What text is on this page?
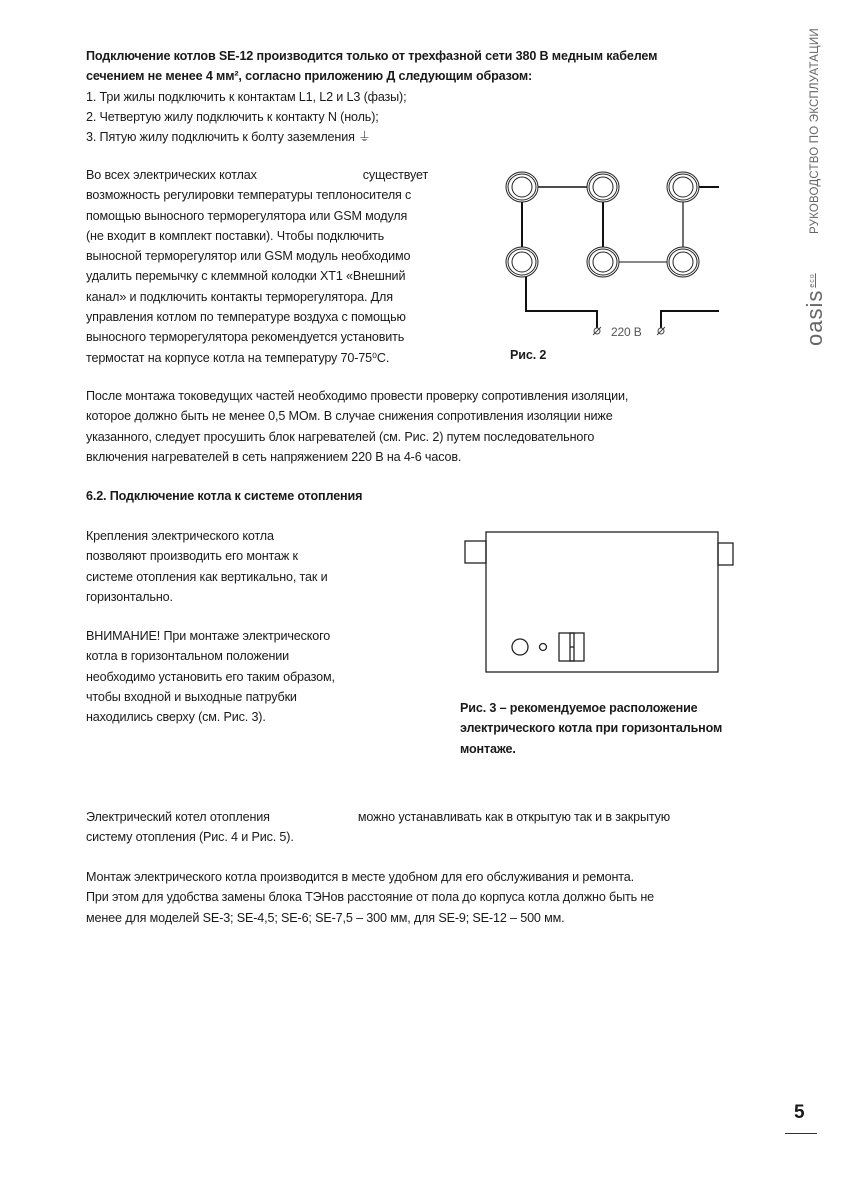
Подключение котлов SE-12 производится только от трехфазной сети 380 В медным кабелем
сечением не менее 4 мм², согласно приложению Д следующим образом:
1. Три жилы подключить к контактам L1, L2 и L3 (фазы);
2. Четвертую жилу подключить к контакту N (ноль);
3. Пятую жилу подключить к болту заземления ⏚
Во всех электрических котлах	существует
возможность регулировки температуры теплоносителя с
помощью выносного терморегулятора или GSM модуля
(не входит в комплект поставки). Чтобы подключить
выносной терморегулятор или GSM модуль необходимо
удалить перемычку с клеммной колодки ХТ1 «Внешний
канал» и подключить контакты терморегулятора. Для
управления котлом по температуре воздуха с помощью
выносного терморегулятора рекомендуется установить
термостат на корпусе котла на температуру 70-75⁰С.
220 В
Рис. 2
После монтажа токоведущих частей необходимо провести проверку сопротивления изоляции,
которое должно быть не менее 0,5 МОм. В случае снижения сопротивления изоляции ниже
указанного, следует просушить блок нагревателей (см. Рис. 2) путем последовательного
включения нагревателей в сеть напряжением 220 В на 4-6 часов.
6.2. Подключение котла к системе отопления
Крепления электрического котла
позволяют производить его монтаж к
системе отопления как вертикально, так и
горизонтально.
ВНИМАНИЕ! При монтаже электрического
котла в горизонтальном положении
необходимо установить его таким образом,
чтобы входной и выходные патрубки
находились сверху (см. Рис. 3).
Рис. 3 – рекомендуемое расположение
электрического котла при горизонтальном
монтаже.
Электрический котел отопления	можно устанавливать как в открытую так и в закрытую
систему отопления (Рис. 4 и Рис. 5).
Монтаж электрического котла производится в месте удобном для его обслуживания и ремонта.
При этом для удобства замены блока ТЭНов расстояние от пола до корпуса котла должно быть не
менее для моделей SE-3; SE-4,5; SE-6; SE-7,5 – 300 мм, для SE-9; SE-12 – 500 мм.
РУКОВОДСТВО ПО ЭКСПЛУАТАЦИИ
oasis$^{eco}$
5
